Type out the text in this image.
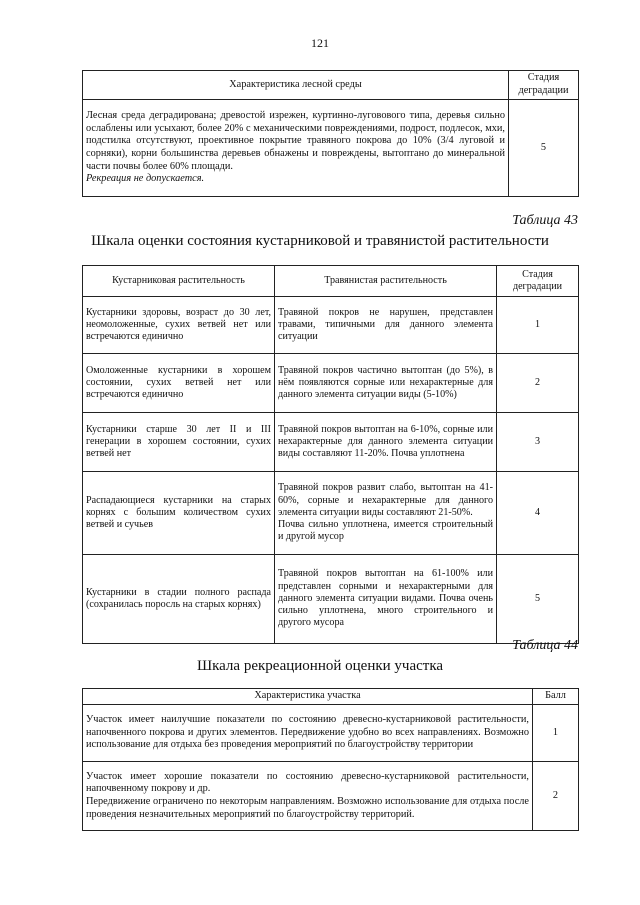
121
Характеристика лесной среды	Стадия деградации

Лесная среда деградирована; древостой изрежен, куртинно-луговового типа, деревья сильно ослаблены или усыхают, более 20% с механическими повреждениями, подрост, подлесок, мхи, подстилка отсутствуют, проективное покрытие травяного покрова до 10% (3/4 луговой и сорняки), корни большинства деревьев обнажены и повреждены, вытоптано до минеральной части почвы более 60% площади.
Рекреация не допускается.	5
Таблица 43
Шкала оценки состояния кустарниковой и травянистой растительности
Кустарниковая растительность	Травянистая растительность	Стадия деградации
Кустарники здоровы, возраст до 30 лет, неомоложенные, сухих ветвей нет или встречаются единично	Травяной покров не нарушен, представлен травами, типичными для данного элемента ситуации	1
Омоложенные кустарники в хорошем состоянии, сухих ветвей нет или встречаются единично	Травяной покров частично вытоптан (до 5%), в нём появляются сорные или нехарактерные для данного элемента ситуации виды (5-10%)	2
Кустарники старше 30 лет II и III генерации в хорошем состоянии, сухих ветвей нет	Травяной покров вытоптан на 6-10%, сорные или нехарактерные для данного элемента ситуации виды составляют 11-20%. Почва уплотнена	3
Распадающиеся кустарники на старых корнях с большим количеством сухих ветвей и сучьев	Травяной покров развит слабо, вытоптан на 41-60%, сорные и нехарактерные для данного элемента ситуации виды составляют 21-50%.
Почва сильно уплотнена, имеется строительный и другой мусор	4
Кустарники в стадии полного распада (сохранилась поросль на старых корнях)	Травяной покров вытоптан на 61-100% или представлен сорными и нехарактерными для данного элемента ситуации видами. Почва очень сильно уплотнена, много строительного и другого мусора	5
Таблица 44
Шкала рекреационной оценки участка
Характеристика участка	Балл
Участок имеет наилучшие показатели по состоянию древесно-кустарниковой растительности, напочвенного покрова и других элементов. Передвижение удобно во всех направлениях. Возможно использование для отдыха без проведения мероприятий по благоустройству территории	1

Участок имеет хорошие показатели по состоянию древесно-кустарниковой растительности, напочвенному покрову и др.
Передвижение ограничено по некоторым направлениям. Возможно использование для отдыха после проведения незначительных мероприятий по благоустройству территорий.	2
